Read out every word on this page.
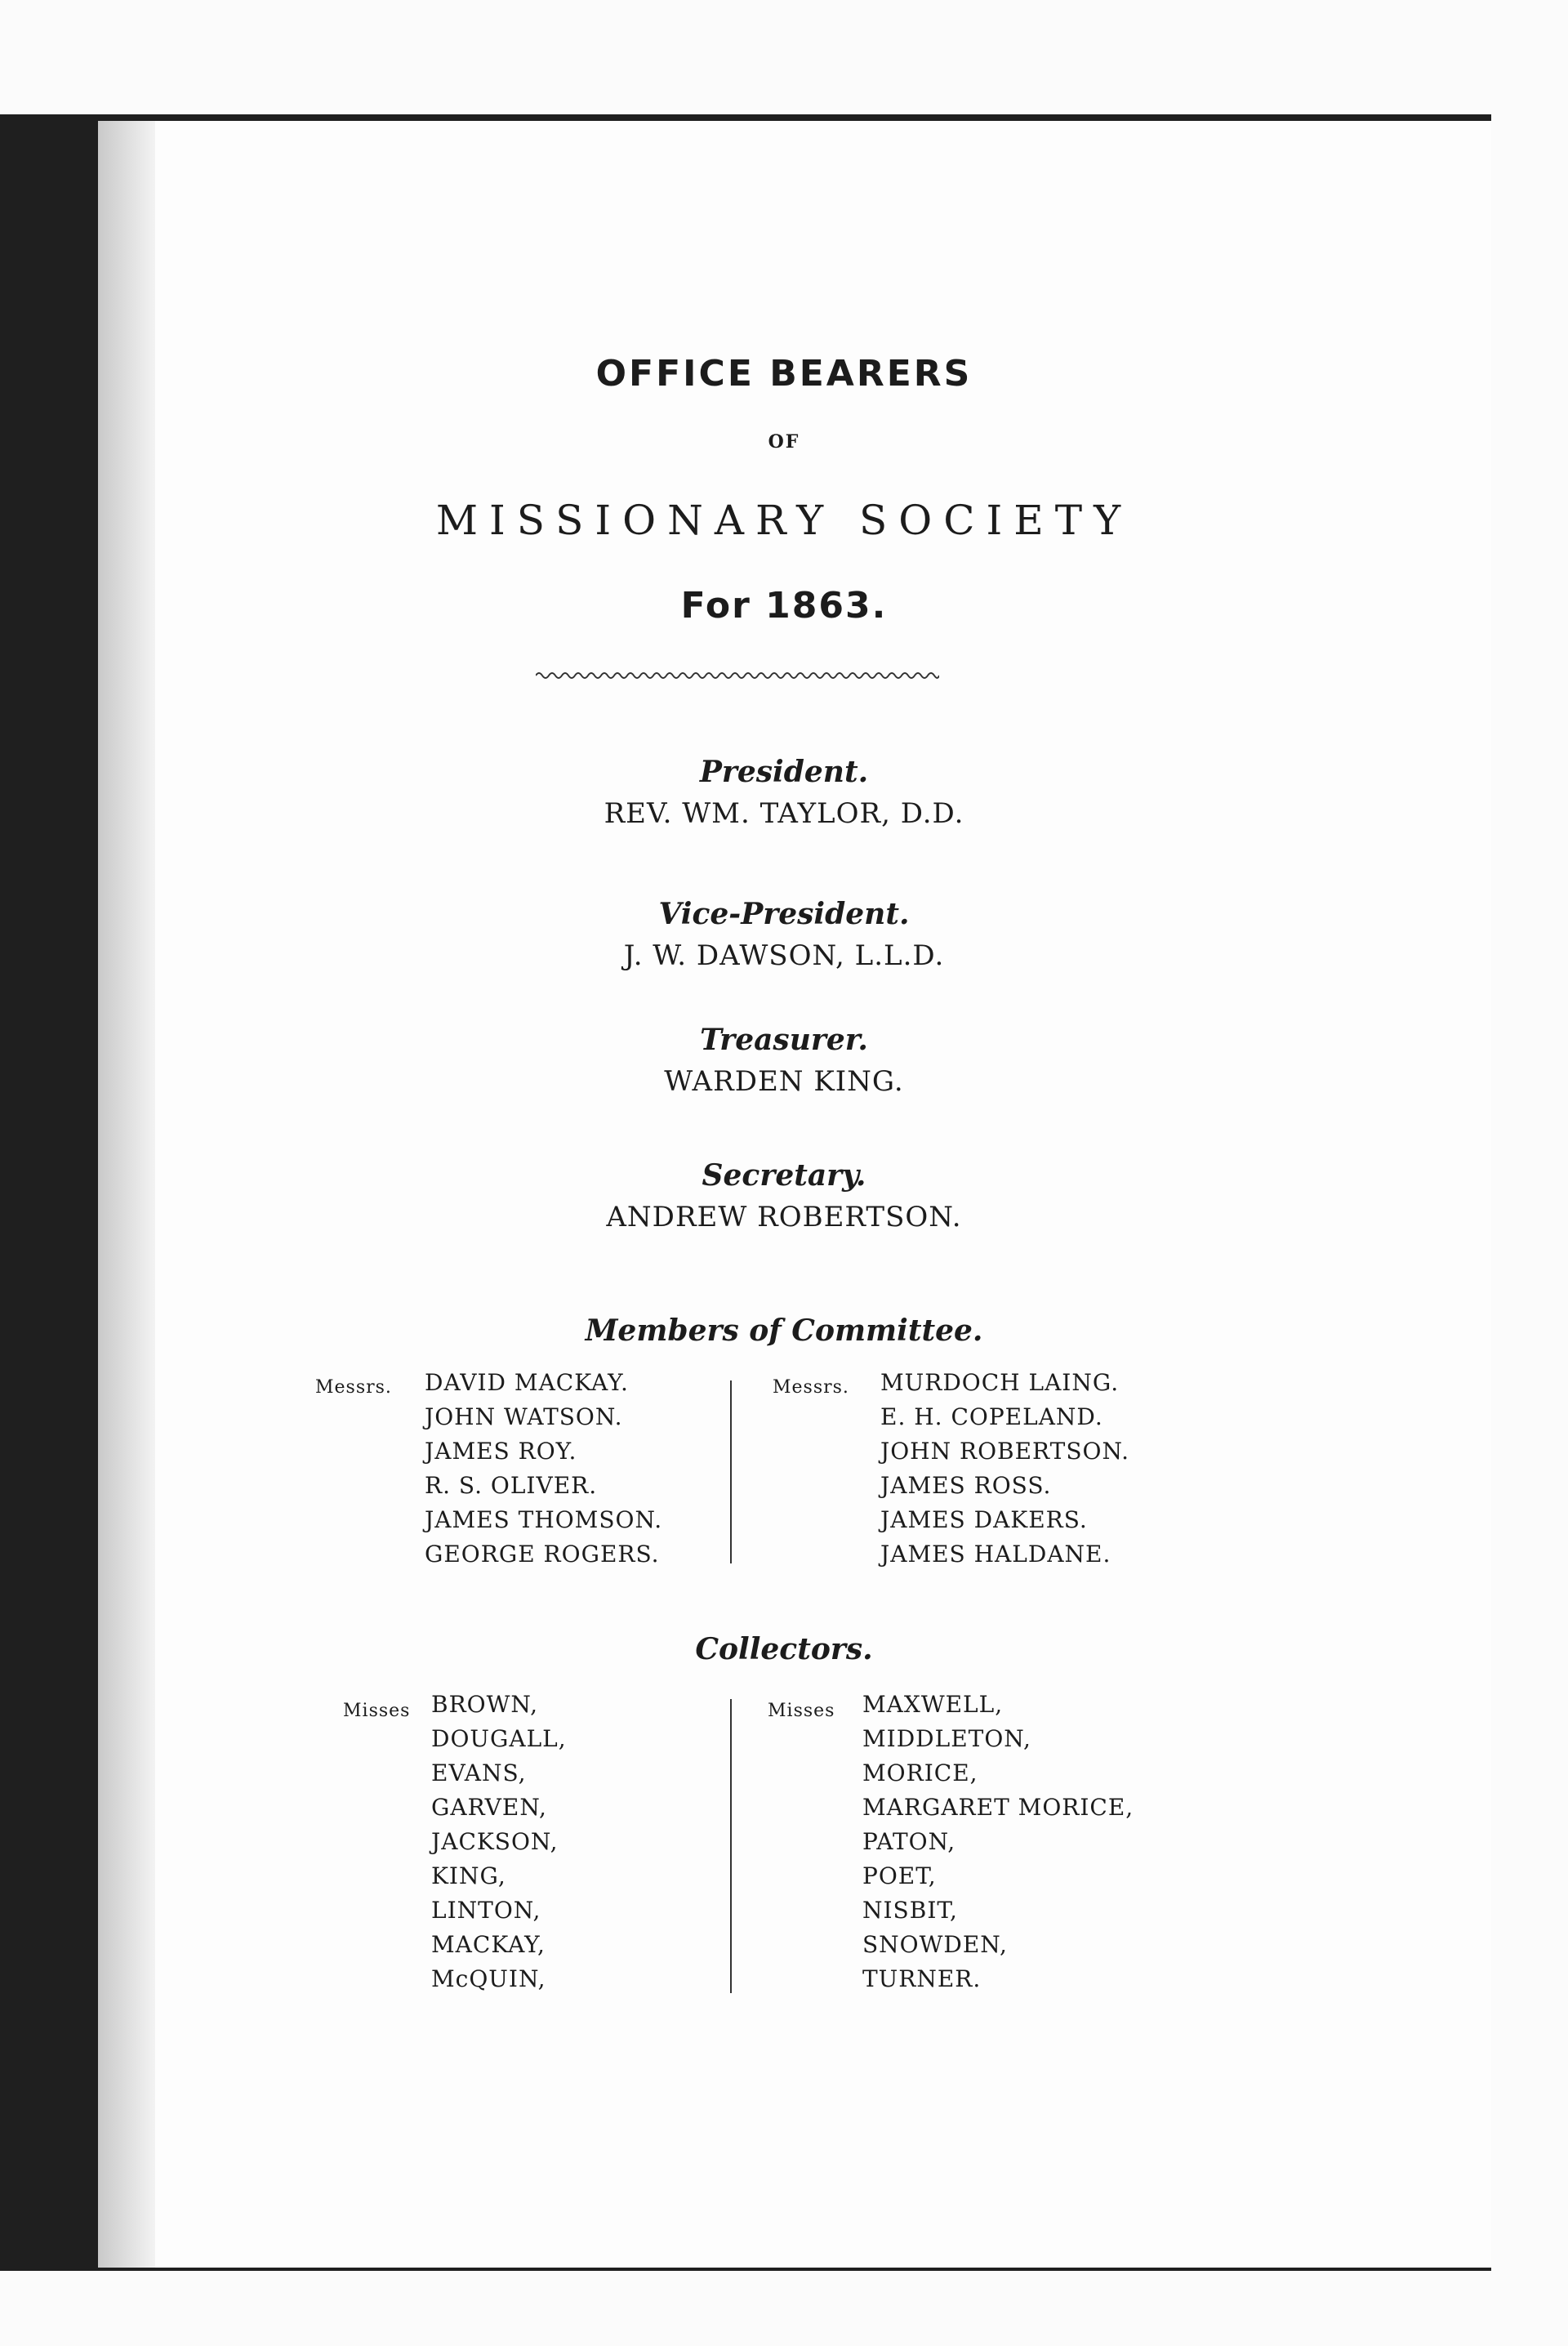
OFFICE BEARERS
OF
MISSIONARY SOCIETY
For 1863.
President.
REV. WM. TAYLOR, D.D.
Vice-President.
J. W. DAWSON, L.L.D.
Treasurer.
WARDEN KING.
Secretary.
ANDREW ROBERTSON.
Members of Committee.
Messrs. DAVID MACKAY.
JOHN WATSON.
JAMES ROY.
R. S. OLIVER.
JAMES THOMSON.
GEORGE ROGERS.
Messrs. MURDOCH LAING.
E. H. COPELAND.
JOHN ROBERTSON.
JAMES ROSS.
JAMES DAKERS.
JAMES HALDANE.
Collectors.
Misses BROWN,
DOUGALL,
EVANS,
GARVEN,
JACKSON,
KING,
LINTON,
MACKAY,
McQUIN,
Misses MAXWELL,
MIDDLETON,
MORICE,
MARGARET MORICE,
PATON,
POET,
NISBIT,
SNOWDEN,
TURNER.
